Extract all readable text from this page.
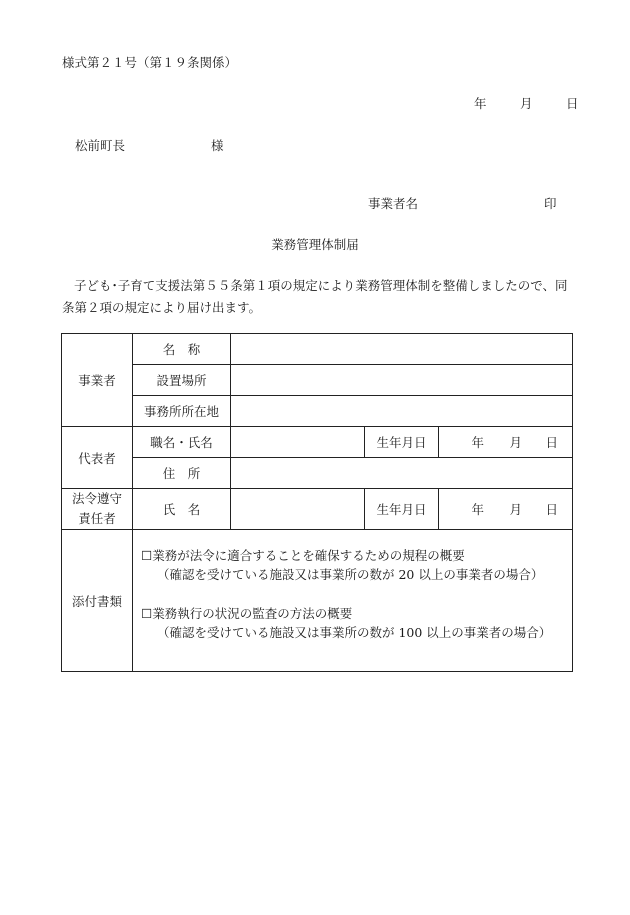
様式第２１号（第１９条関係）
年	月	日
松前町長	様
事業者名	印
業務管理体制届
子ども･子育て支援法第５５条第１項の規定により業務管理体制を整備しましたので、同条第２項の規定により届け出ます。
事業者	名　称			
	設置場所			
	事務所所在地			
代表者	職名・氏名		生年月日	年 月 日
	住　所			

法令遵守
責任者	氏　名		生年月日	年 月 日
添付書類	☐業務が法令に適合することを確保するための規程の概要
（確認を受けている施設又は事業所の数が 20 以上の事業者の場合）
☐業務執行の状況の監査の方法の概要
（確認を受けている施設又は事業所の数が 100 以上の事業者の場合）			
